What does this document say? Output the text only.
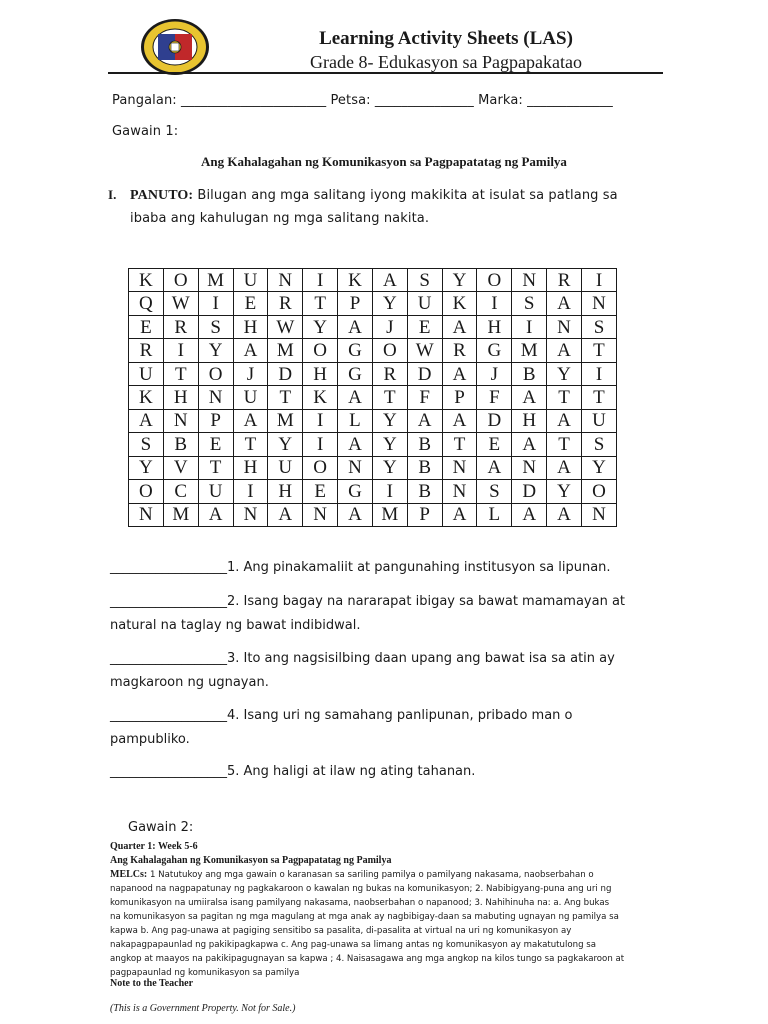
Learning Activity Sheets (LAS)
Grade 8- Edukasyon sa Pagpapakatao
Pangalan: ______________________ Petsa: _______________ Marka: _____________
Gawain 1:
Ang Kahalagahan ng Komunikasyon sa Pagpapatatag ng Pamilya
I. PANUTO: Bilugan ang mga salitang iyong makikita at isulat sa patlang sa
ibaba ang kahulugan ng mga salitang nakita.
K	O	M	U	N	I	K	A	S	Y	O	N	R	I
Q	W	I	E	R	T	P	Y	U	K	I	S	A	N
E	R	S	H	W	Y	A	J	E	A	H	I	N	S
R	I	Y	A	M	O	G	O	W	R	G	M	A	T
U	T	O	J	D	H	G	R	D	A	J	B	Y	I
K	H	N	U	T	K	A	T	F	P	F	A	T	T
A	N	P	A	M	I	L	Y	A	A	D	H	A	U
S	B	E	T	Y	I	A	Y	B	T	E	A	T	S
Y	V	T	H	U	O	N	Y	B	N	A	N	A	Y
O	C	U	I	H	E	G	I	B	N	S	D	Y	O
N	M	A	N	A	N	A	M	P	A	L	A	A	N
__________________1. Ang pinakamaliit at pangunahing institusyon sa lipunan.
__________________2. Isang bagay na nararapat ibigay sa bawat mamamayan at
natural na taglay ng bawat indibidwal.
__________________3. Ito ang nagsisilbing daan upang ang bawat isa sa atin ay
magkaroon ng ugnayan.
__________________4. Isang uri ng samahang panlipunan, pribado man o
pampubliko.
__________________5. Ang haligi at ilaw ng ating tahanan.
Gawain 2:
Quarter 1: Week 5-6
Ang Kahalagahan ng Komunikasyon sa Pagpapatatag ng Pamilya
MELCs: 1 Natutukoy ang mga gawain o karanasan sa sariling pamilya o pamilyang nakasama, naobserbahan o
napanood na nagpapatunay ng pagkakaroon o kawalan ng bukas na komunikasyon; 2. Nabibigyang-puna ang uri ng
komunikasyon na umiiralsa isang pamilyang nakasama, naobserbahan o napanood; 3. Nahihinuha na: a. Ang bukas
na komunikasyon sa pagitan ng mga magulang at mga anak ay nagbibigay-daan sa mabuting ugnayan ng pamilya sa
kapwa b. Ang pag-unawa at pagiging sensitibo sa pasalita, di-pasalita at virtual na uri ng komunikasyon ay
nakapagpapaunlad ng pakikipagkapwa c. Ang pag-unawa sa limang antas ng komunikasyon ay makatutulong sa
angkop at maayos na pakikipagugnayan sa kapwa ; 4. Naisasagawa ang mga angkop na kilos tungo sa pagkakaroon at
pagpapaunlad ng komunikasyon sa pamilya
Note to the Teacher
(This is a Government Property. Not for Sale.)
